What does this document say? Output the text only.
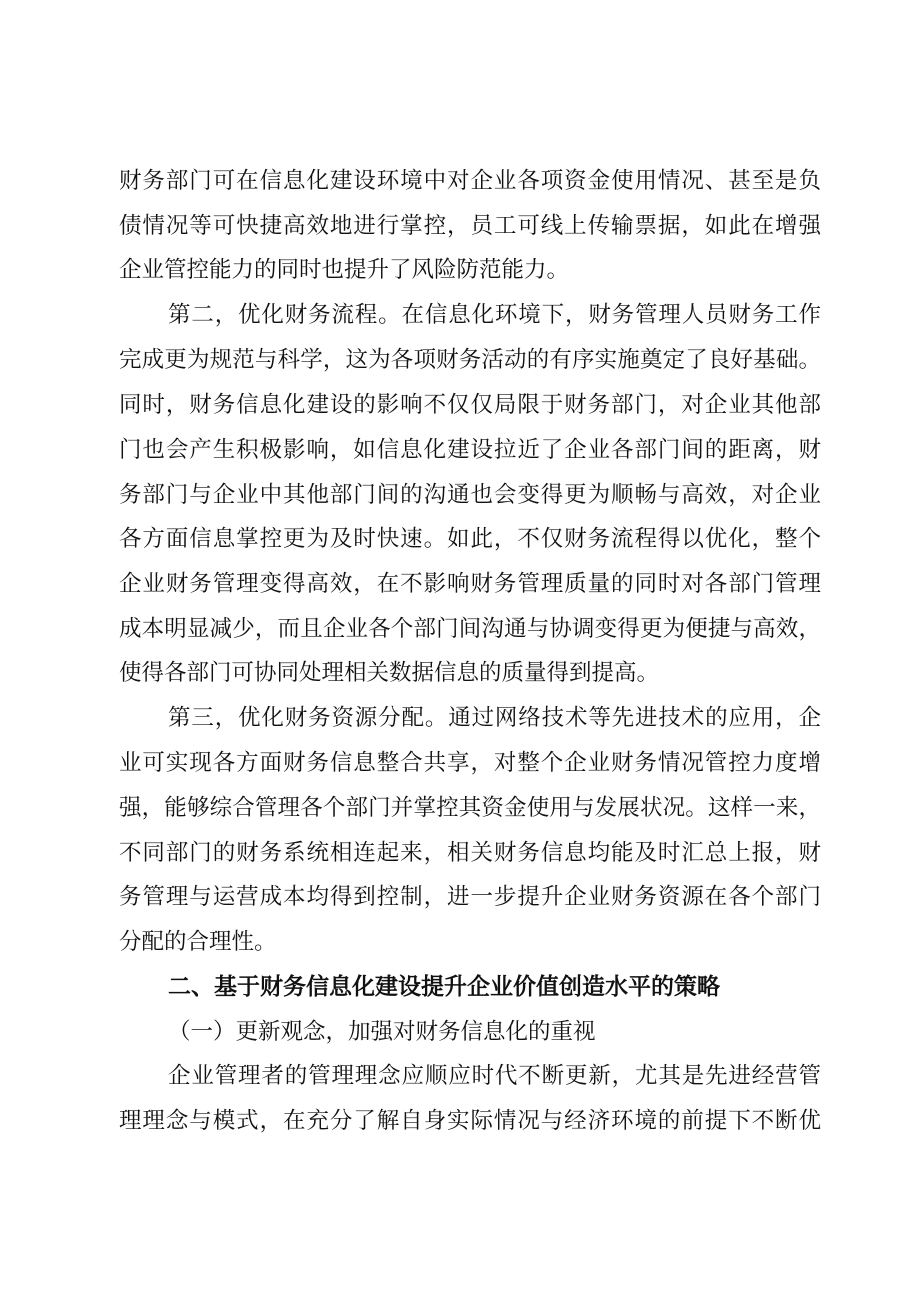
财务部门可在信息化建设环境中对企业各项资金使用情况、甚至是负
债情况等可快捷高效地进行掌控，员工可线上传输票据，如此在增强
企业管控能力的同时也提升了风险防范能力。
第二，优化财务流程。在信息化环境下，财务管理人员财务工作
完成更为规范与科学，这为各项财务活动的有序实施奠定了良好基础。
同时，财务信息化建设的影响不仅仅局限于财务部门，对企业其他部
门也会产生积极影响，如信息化建设拉近了企业各部门间的距离，财
务部门与企业中其他部门间的沟通也会变得更为顺畅与高效，对企业
各方面信息掌控更为及时快速。如此，不仅财务流程得以优化，整个
企业财务管理变得高效，在不影响财务管理质量的同时对各部门管理
成本明显减少，而且企业各个部门间沟通与协调变得更为便捷与高效，
使得各部门可协同处理相关数据信息的质量得到提高。
第三，优化财务资源分配。通过网络技术等先进技术的应用，企
业可实现各方面财务信息整合共享，对整个企业财务情况管控力度增
强，能够综合管理各个部门并掌控其资金使用与发展状况。这样一来，
不同部门的财务系统相连起来，相关财务信息均能及时汇总上报，财
务管理与运营成本均得到控制，进一步提升企业财务资源在各个部门
分配的合理性。
二、基于财务信息化建设提升企业价值创造水平的策略
（一）更新观念，加强对财务信息化的重视
企业管理者的管理理念应顺应时代不断更新，尤其是先进经营管
理理念与模式，在充分了解自身实际情况与经济环境的前提下不断优
